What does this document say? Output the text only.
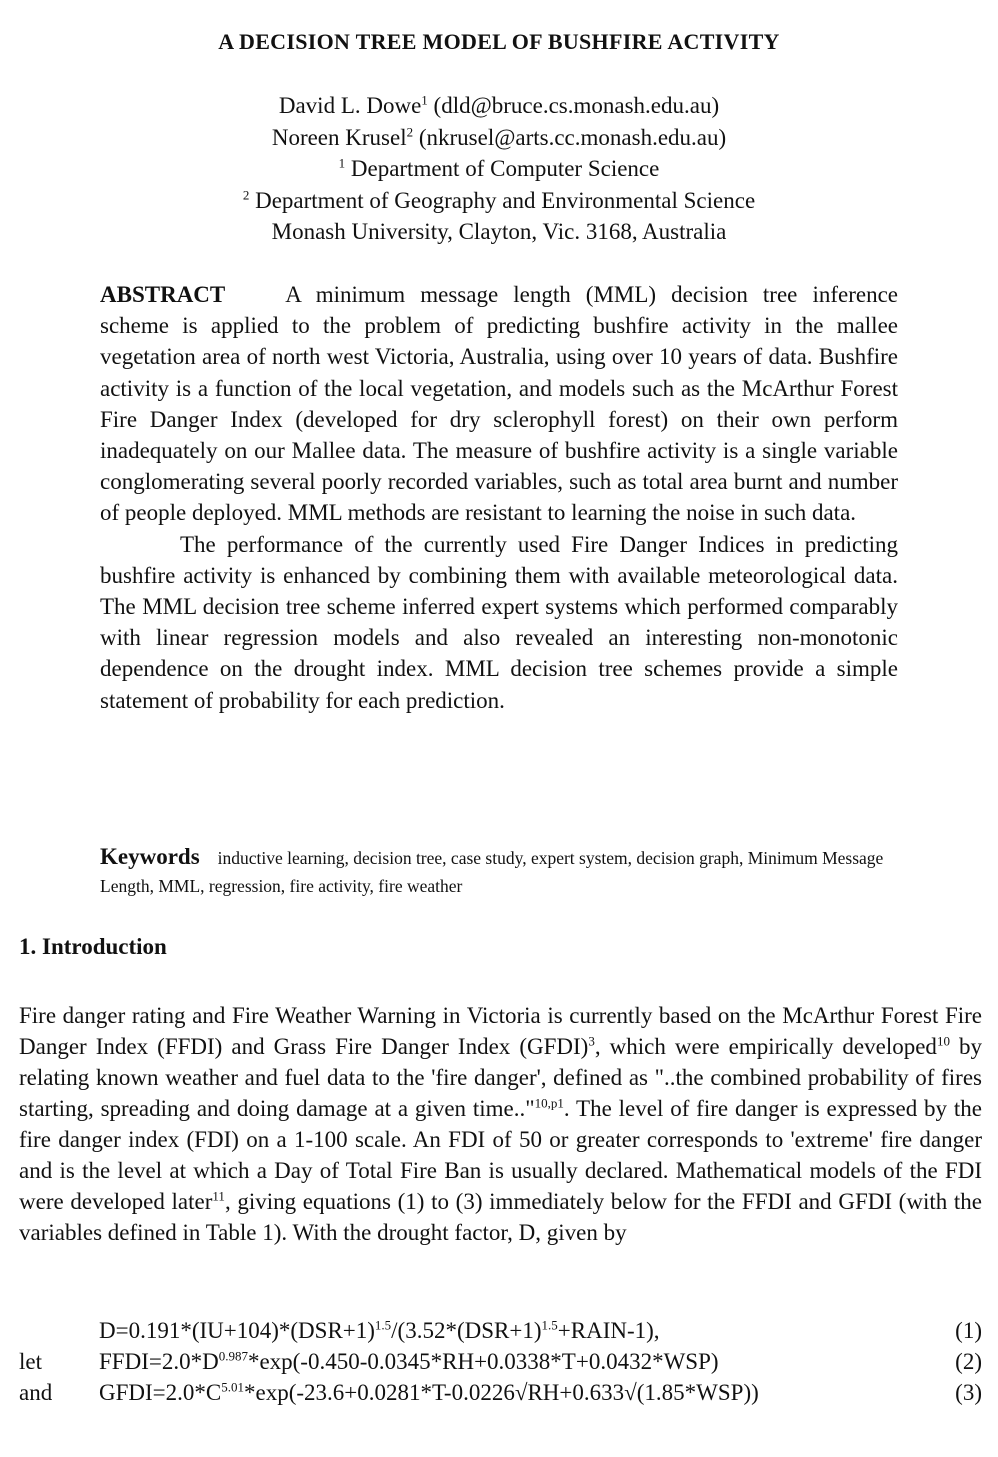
A DECISION TREE MODEL OF BUSHFIRE ACTIVITY
David L. Dowe$^1$ (dld@bruce.cs.monash.edu.au)
Noreen Krusel$^2$ (nkrusel@arts.cc.monash.edu.au)
$^1$ Department of Computer Science
$^2$ Department of Geography and Environmental Science
Monash University, Clayton, Vic. 3168, Australia

ABSTRACT	A minimum message length (MML) decision tree inference scheme is applied to the problem of predicting bushfire activity in the mallee vegetation area of north west Victoria, Australia, using over 10 years of data. Bushfire activity is a function of the local vegetation, and models such as the McArthur Forest Fire Danger Index (developed for dry sclerophyll forest) on their own perform inadequately on our Mallee data. The measure of bushfire activity is a single variable conglomerating several poorly recorded variables, such as total area burnt and number of people deployed. MML methods are resistant to learning the noise in such data.

The performance of the currently used Fire Danger Indices in predicting bushfire activity is enhanced by combining them with available meteorological data. The MML decision tree scheme inferred expert systems which performed comparably with linear regression models and also revealed an interesting non-monotonic dependence on the drought index. MML decision tree schemes provide a simple statement of probability for each prediction.

Keywords inductive learning, decision tree, case study, expert system, decision graph, Minimum Message Length, MML, regression, fire activity, fire weather
1. Introduction

Fire danger rating and Fire Weather Warning in Victoria is currently based on the McArthur Forest Fire Danger Index (FFDI) and Grass Fire Danger Index (GFDI)$^3$, which were empirically developed$^{10}$ by relating known weather and fuel data to the 'fire danger', defined as "..the combined probability of fires starting, spreading and doing damage at a given time.."$^{10,p1}$. The level of fire danger is expressed by the fire danger index (FDI) on a 1-100 scale. An FDI of 50 or greater corresponds to 'extreme' fire danger and is the level at which a Day of Total Fire Ban is usually declared. Mathematical models of the FDI were developed later$^{11}$, giving equations (1) to (3) immediately below for the FFDI and GFDI (with the variables defined in Table 1). With the drought factor, D, given by

$D=0.191*(IU+104)*(DSR+1)^{1.5}/(3.52*(DSR+1)^{1.5}+RAIN-1)$,	(1)
let	$FFDI=2.0*D^{0.987}*\exp(-0.450-0.0345*RH+0.0338*T+0.0432*WSP)$	(2)
and	$GFDI=2.0*C^{5.01}*\exp(-23.6+0.0281*T-0.0226√RH+0.633√(1.85*WSP))$	(3)
